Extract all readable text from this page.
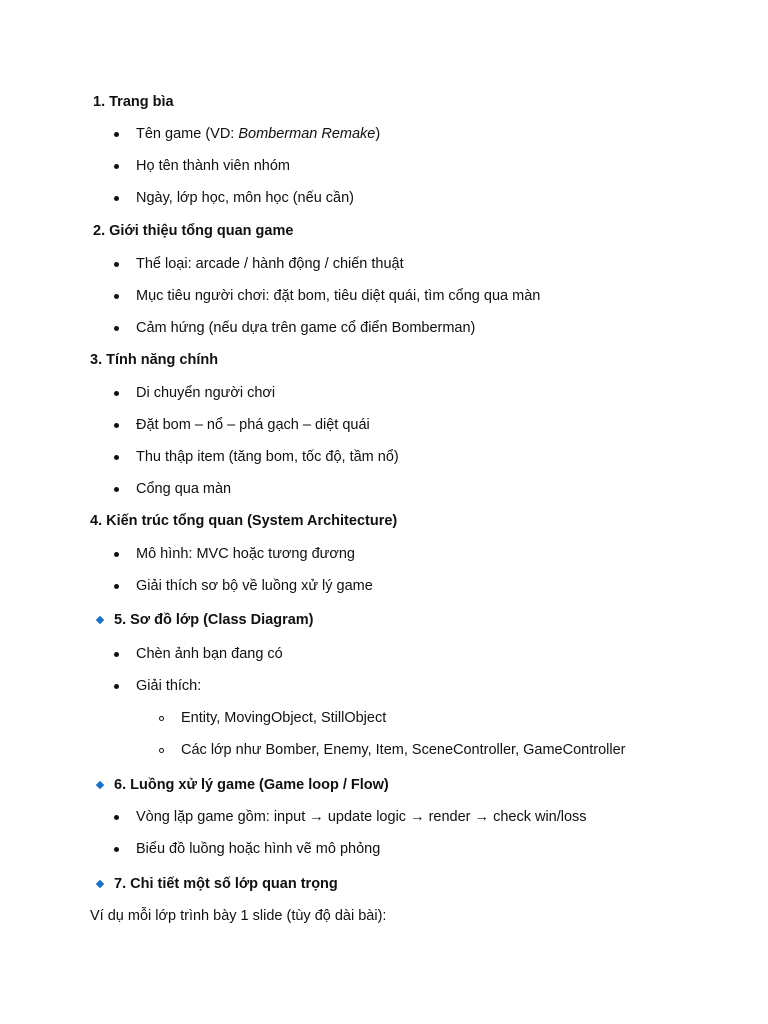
1. Trang bìa
Tên game (VD: Bomberman Remake)
Họ tên thành viên nhóm
Ngày, lớp học, môn học (nếu cần)
2. Giới thiệu tổng quan game
Thể loại: arcade / hành động / chiến thuật
Mục tiêu người chơi: đặt bom, tiêu diệt quái, tìm cổng qua màn
Cảm hứng (nếu dựa trên game cổ điển Bomberman)
3. Tính năng chính
Di chuyển người chơi
Đặt bom – nổ – phá gạch – diệt quái
Thu thập item (tăng bom, tốc độ, tầm nổ)
Cổng qua màn
4. Kiến trúc tổng quan (System Architecture)
Mô hình: MVC hoặc tương đương
Giải thích sơ bộ về luồng xử lý game
5. Sơ đồ lớp (Class Diagram)
Chèn ảnh bạn đang có
Giải thích:
Entity, MovingObject, StillObject
Các lớp như Bomber, Enemy, Item, SceneController, GameController
6. Luồng xử lý game (Game loop / Flow)
Vòng lặp game gồm: input → update logic → render → check win/loss
Biểu đồ luồng hoặc hình vẽ mô phỏng
7. Chi tiết một số lớp quan trọng
Ví dụ mỗi lớp trình bày 1 slide (tùy độ dài bài):
